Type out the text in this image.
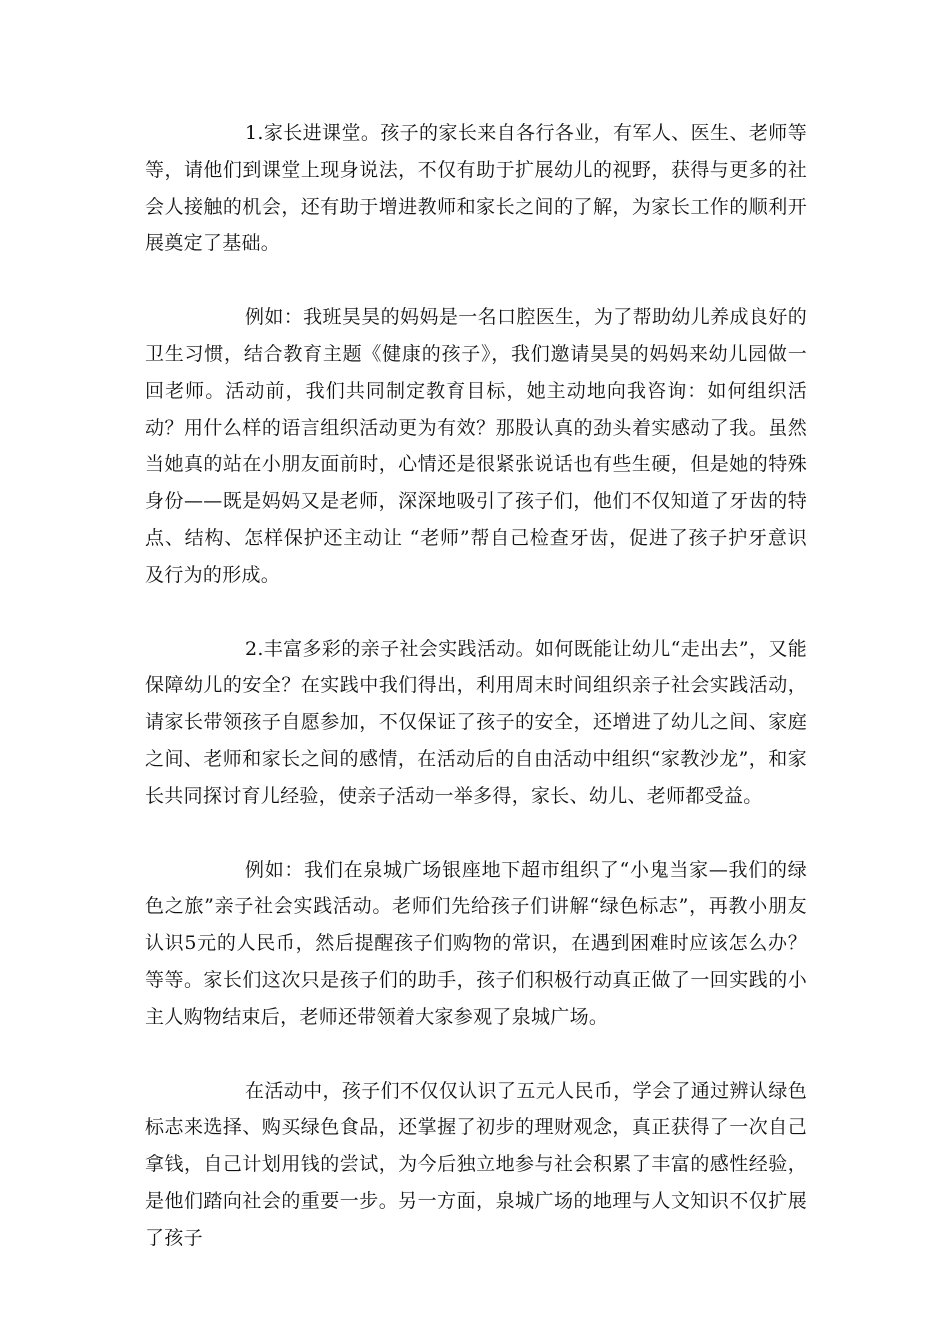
1.家长进课堂。孩子的家长来自各行各业，有军人、医生、老师等等，请他们到课堂上现身说法，不仅有助于扩展幼儿的视野，获得与更多的社会人接触的机会，还有助于增进教师和家长之间的了解，为家长工作的顺利开展奠定了基础。

例如：我班昊昊的妈妈是一名口腔医生，为了帮助幼儿养成良好的卫生习惯，结合教育主题《健康的孩子》，我们邀请昊昊的妈妈来幼儿园做一回老师。活动前，我们共同制定教育目标，她主动地向我咨询：如何组织活动？用什么样的语言组织活动更为有效？那股认真的劲头着实感动了我。虽然当她真的站在小朋友面前时，心情还是很紧张说话也有些生硬，但是她的特殊身份——既是妈妈又是老师，深深地吸引了孩子们，他们不仅知道了牙齿的特点、结构、怎样保护还主动让 “老师”帮自己检查牙齿，促进了孩子护牙意识及行为的形成。

2.丰富多彩的亲子社会实践活动。如何既能让幼儿“走出去”，又能保障幼儿的安全？在实践中我们得出，利用周末时间组织亲子社会实践活动，请家长带领孩子自愿参加，不仅保证了孩子的安全，还增进了幼儿之间、家庭之间、老师和家长之间的感情，在活动后的自由活动中组织“家教沙龙”，和家长共同探讨育儿经验，使亲子活动一举多得，家长、幼儿、老师都受益。

例如：我们在泉城广场银座地下超市组织了“小鬼当家—我们的绿色之旅”亲子社会实践活动。老师们先给孩子们讲解“绿色标志”，再教小朋友认识5元的人民币，然后提醒孩子们购物的常识，在遇到困难时应该怎么办？等等。家长们这次只是孩子们的助手，孩子们积极行动真正做了一回实践的小主人购物结束后，老师还带领着大家参观了泉城广场。

在活动中，孩子们不仅仅认识了五元人民币，学会了通过辨认绿色标志来选择、购买绿色食品，还掌握了初步的理财观念，真正获得了一次自己拿钱，自己计划用钱的尝试，为今后独立地参与社会积累了丰富的感性经验，是他们踏向社会的重要一步。另一方面，泉城广场的地理与人文知识不仅扩展了孩子
